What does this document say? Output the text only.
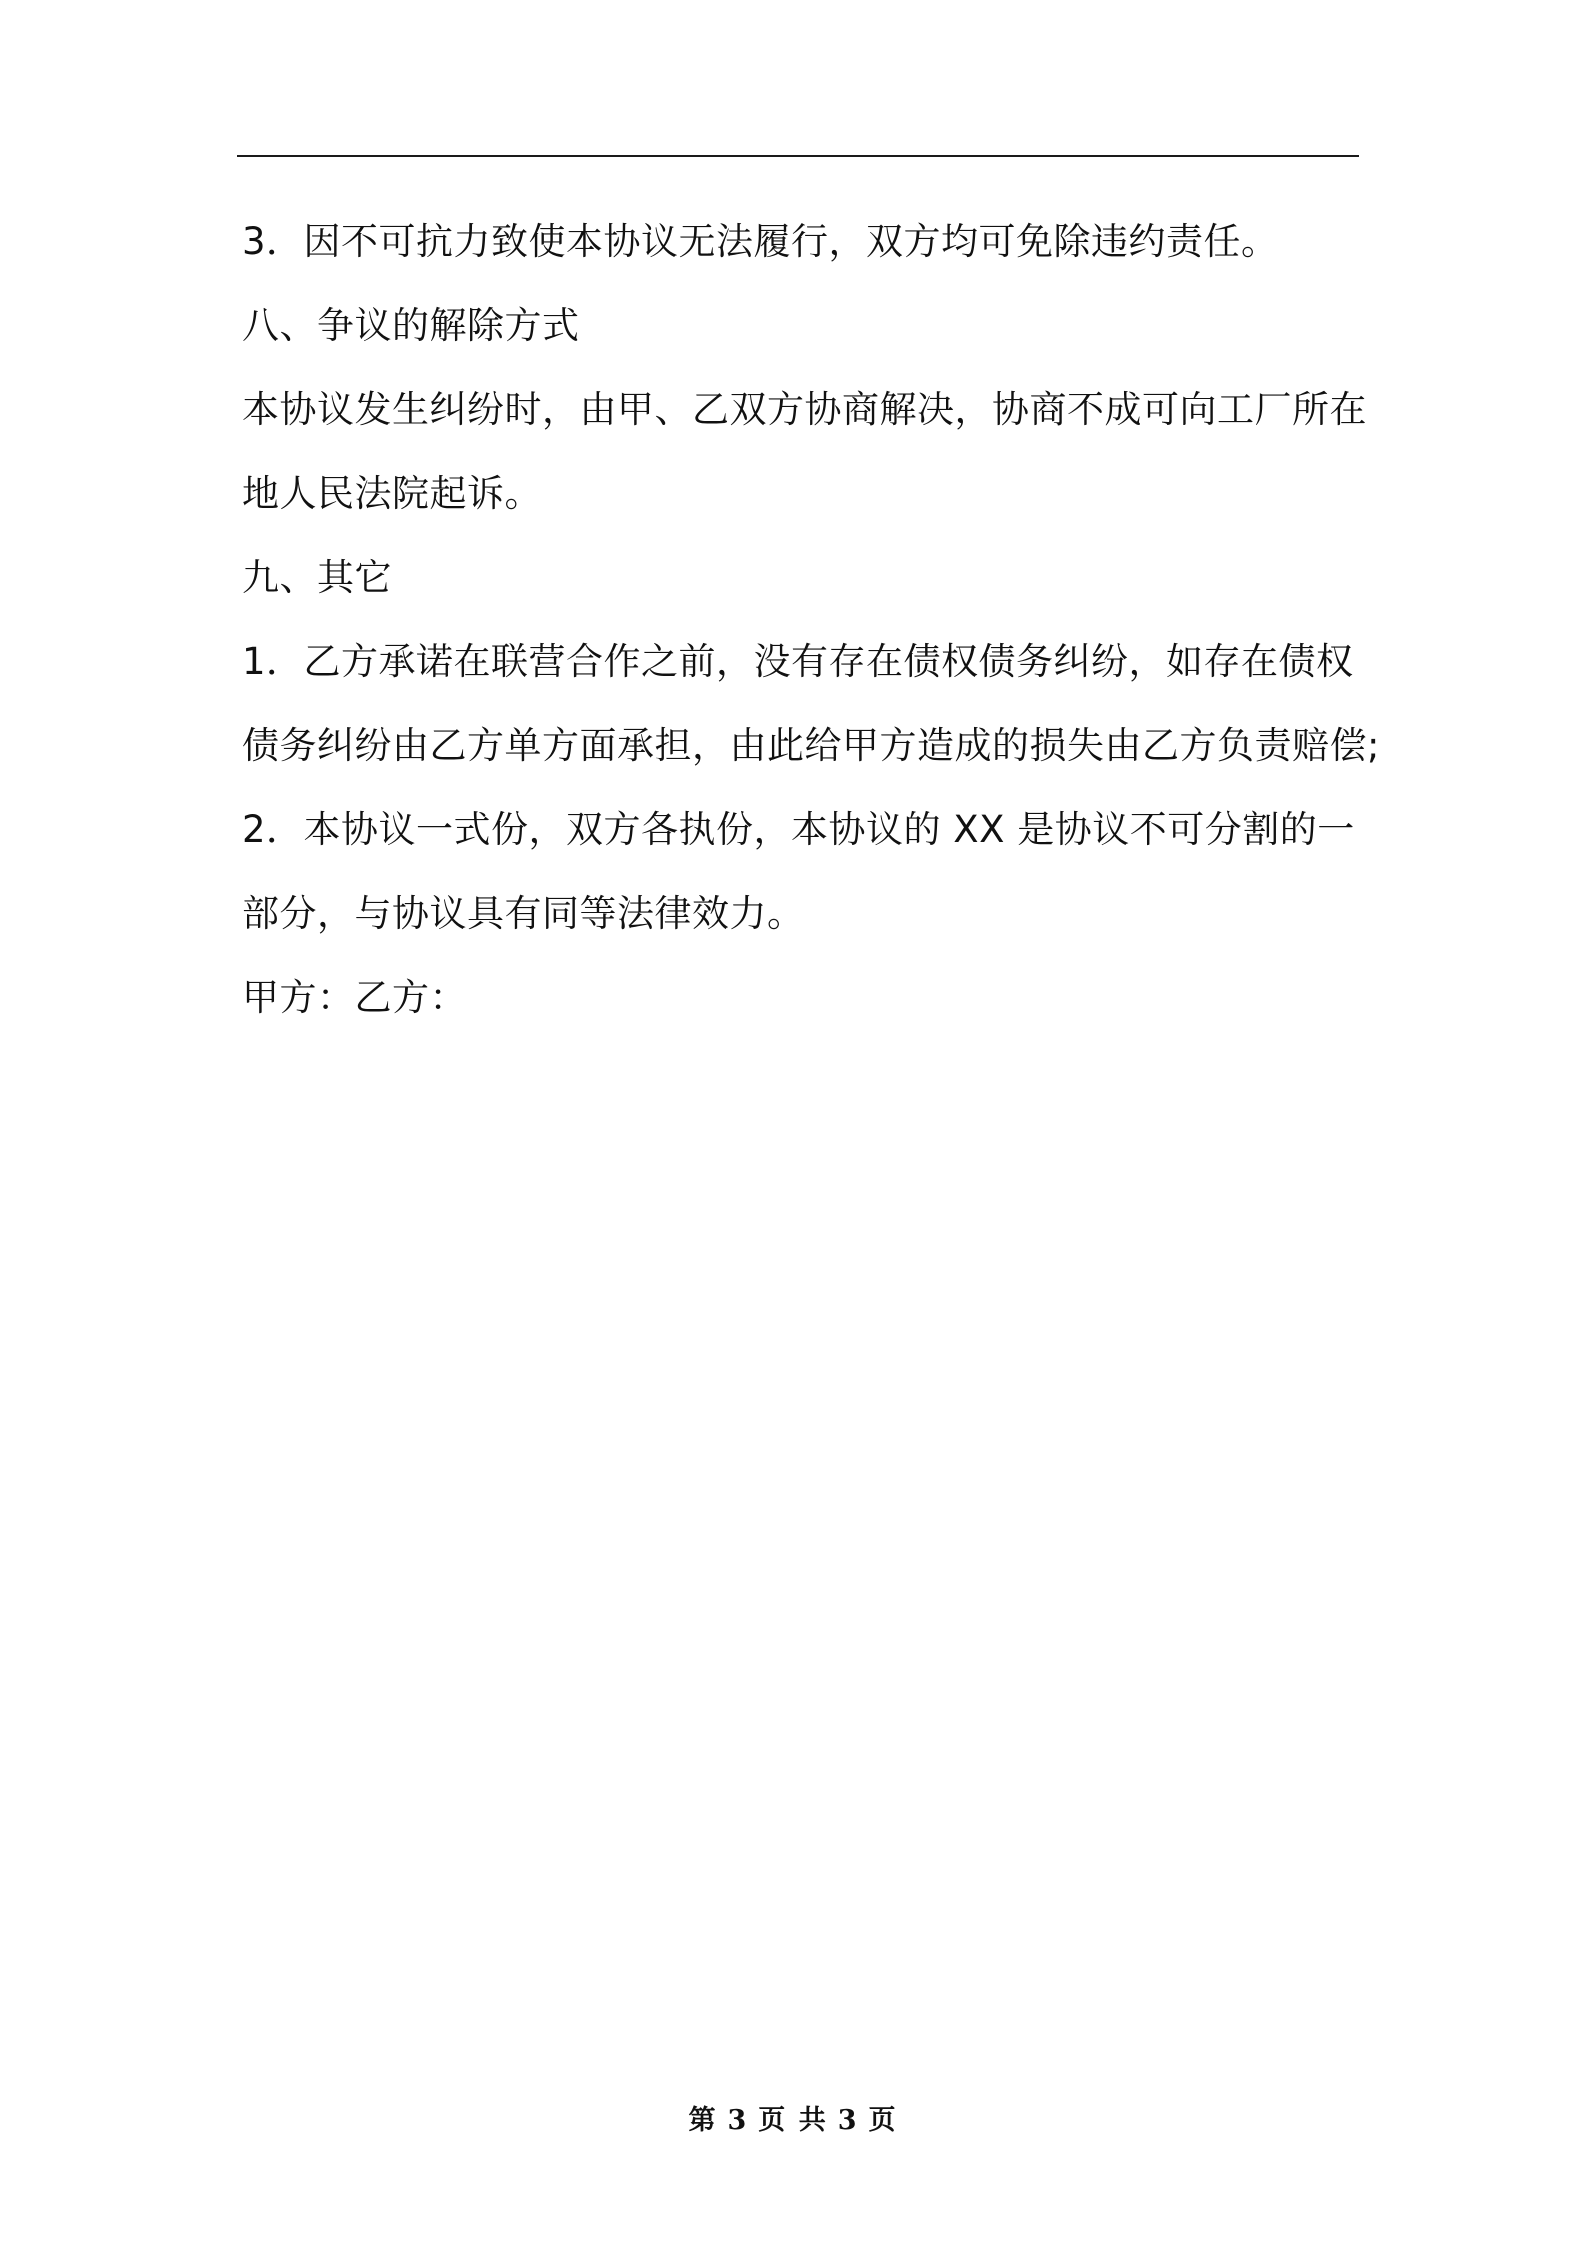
3．因不可抗力致使本协议无法履行，双方均可免除违约责任。

八、争议的解除方式

本协议发生纠纷时，由甲、乙双方协商解决，协商不成可向工厂所在

地人民法院起诉。

九、其它

1．乙方承诺在联营合作之前，没有存在债权债务纠纷，如存在债权

债务纠纷由乙方单方面承担，由此给甲方造成的损失由乙方负责赔偿;

2．本协议一式份，双方各执份，本协议的 XX 是协议不可分割的一

部分，与协议具有同等法律效力。

甲方：乙方：

第 3 页 共 3 页
